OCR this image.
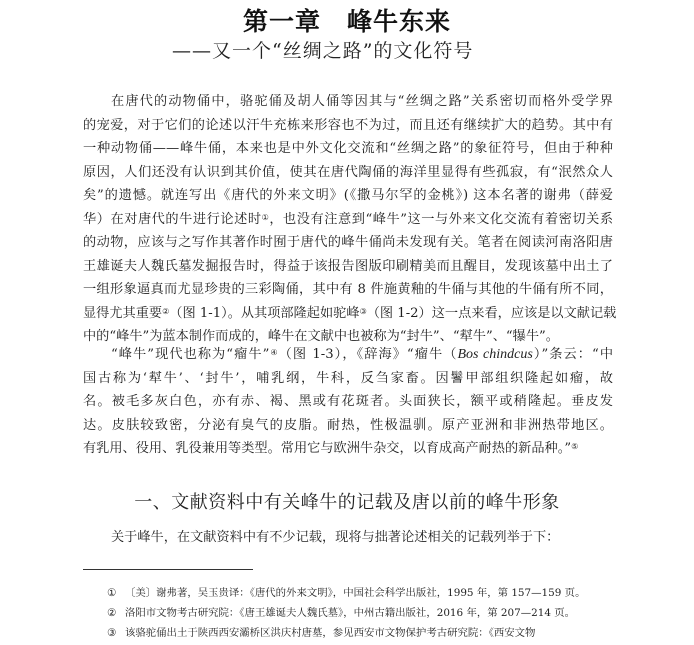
第一章 峰牛东来
——又一个“丝绸之路”的文化符号
在唐代的动物俑中，骆驼俑及胡人俑等因其与“丝绸之路”关系密切而格外受学界
的宠爱，对于它们的论述以汗牛充栋来形容也不为过，而且还有继续扩大的趋势。其中有
一种动物俑——峰牛俑，本来也是中外文化交流和“丝绸之路”的象征符号，但由于种种
原因，人们还没有认识到其价值，使其在唐代陶俑的海洋里显得有些孤寂，有“泯然众人
矣”的遗憾。就连写出《唐代的外来文明》(《撒马尔罕的金桃》) 这本名著的谢弗（薛爱
华）在对唐代的牛进行论述时①，也没有注意到“峰牛”这一与外来文化交流有着密切关系
的动物，应该与之写作其著作时囿于唐代的峰牛俑尚未发现有关。笔者在阅读河南洛阳唐
王雄诞夫人魏氏墓发掘报告时，得益于该报告图版印刷精美而且醒目，发现该墓中出土了
一组形象逼真而尤显珍贵的三彩陶俑，其中有 8 件施黄釉的牛俑与其他的牛俑有所不同，
显得尤其重要②（图 1-1）。从其项部隆起如驼峰③（图 1-2）这一点来看，应该是以文献记载
中的“峰牛”为蓝本制作而成的，峰牛在文献中也被称为“封牛”、“犎牛”、“犦牛”。
“峰牛”现代也称为“瘤牛”④（图 1-3），《辞海》“瘤牛（Bos chindcus）”条云：“中
国古称为‘犎牛’、‘封牛’，哺乳纲，牛科，反刍家畜。因鬐甲部组织隆起如瘤，故
名。被毛多灰白色，亦有赤、褐、黑或有花斑者。头面狭长，额平或稍隆起。垂皮发
达。皮肤较致密，分泌有臭气的皮脂。耐热，性极温驯。原产亚洲和非洲热带地区。
有乳用、役用、乳役兼用等类型。常用它与欧洲牛杂交，以育成高产耐热的新品种。”⑤
一、文献资料中有关峰牛的记载及唐以前的峰牛形象
关于峰牛，在文献资料中有不少记载，现将与拙著论述相关的记载列举于下：
① 〔美〕谢弗著，吴玉贵译：《唐代的外来文明》，中国社会科学出版社，1995 年，第 157—159 页。
② 洛阳市文物考古研究院：《唐王雄诞夫人魏氏墓》，中州古籍出版社，2016 年，第 207—214 页。
③ 该骆驼俑出土于陕西西安灞桥区洪庆村唐墓，参见西安市文物保护考古研究院：《西安文物
